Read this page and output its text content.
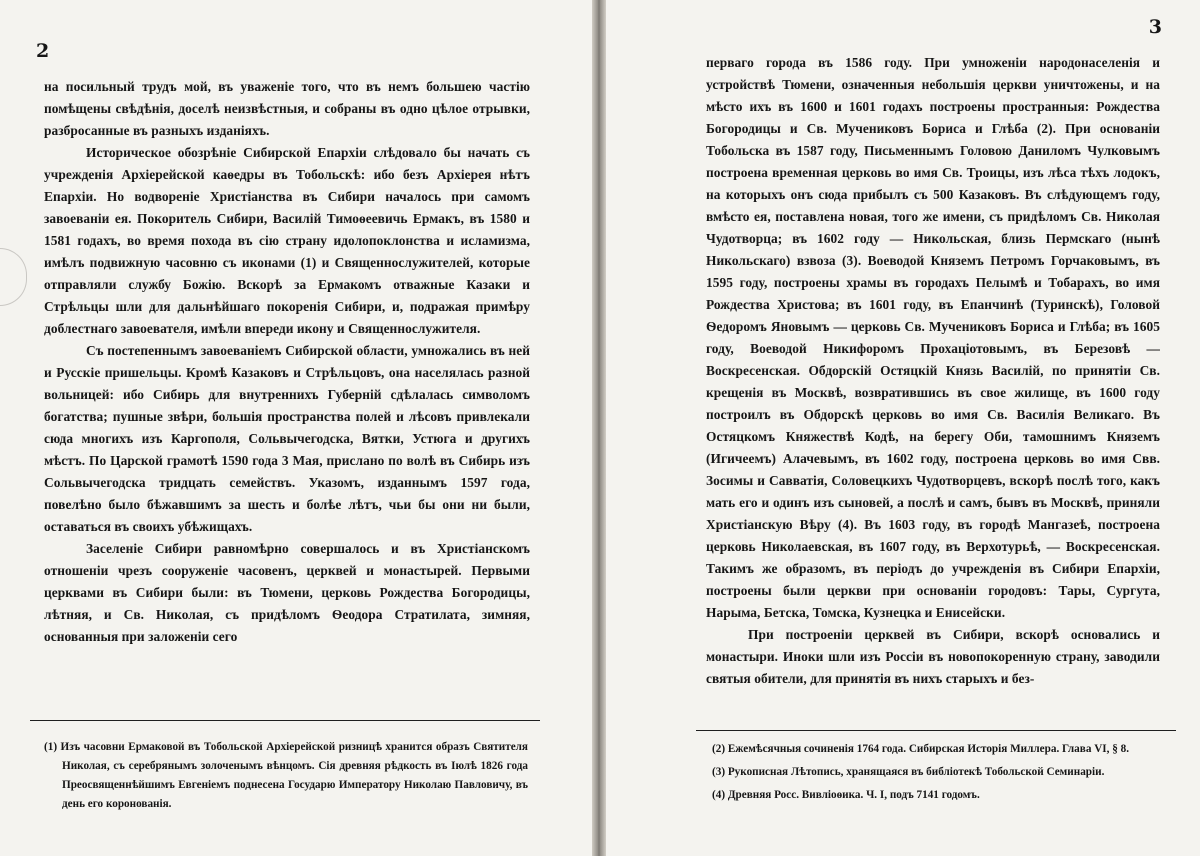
2

на посильный трудъ мой, въ уваженіе того, что въ немъ большею частію помѣщены свѣдѣнія, доселѣ неизвѣстныя, и собраны въ одно цѣлое отрывки, разбросанные въ разныхъ изданіяхъ.

Историческое обозрѣніе Сибирской Епархіи слѣдовало бы начать съ учрежденія Архіерейской каѳедры въ Тобольскѣ: ибо безъ Архіерея нѣтъ Епархіи. Но водвореніе Христіанства въ Сибири началось при самомъ завоеваніи ея. Покоритель Сибири, Василій Тимоѳеевичь Ермакъ, въ 1580 и 1581 годахъ, во время похода въ сію страну идолопоклонства и исламизма, имѣлъ подвижную часовню съ иконами (1) и Священнослужителей, которые отправляли службу Божію. Вскорѣ за Ермакомъ отважные Казаки и Стрѣльцы шли для дальнѣйшаго покоренія Сибири, и, подражая примѣру доблестнаго завоевателя, имѣли впереди икону и Священнослужителя.

Съ постепеннымъ завоеваніемъ Сибирской области, умножались въ ней и Русскіе пришельцы. Кромѣ Казаковъ и Стрѣльцовъ, она населялась разной вольницей: ибо Сибирь для внутреннихъ Губерній сдѣлалась символомъ богатства; пушные звѣри, большія пространства полей и лѣсовъ привлекали сюда многихъ изъ Каргополя, Сольвычегодска, Вятки, Устюга и другихъ мѣстъ. По Царской грамотѣ 1590 года 3 Мая, прислано по волѣ въ Сибирь изъ Сольвычегодска тридцать семействъ. Указомъ, изданнымъ 1597 года, повелѣно было бѣжавшимъ за шесть и болѣе лѣтъ, чьи бы они ни были, оставаться въ своихъ убѣжищахъ.

Заселеніе Сибири равномѣрно совершалось и въ Христіанскомъ отношеніи чрезъ сооруженіе часовенъ, церквей и монастырей. Первыми церквами въ Сибири были: въ Тюмени, церковь Рождества Богородицы, лѣтняя, и Св. Николая, съ придѣломъ Ѳеодора Стратилата, зимняя, основанныя при заложеніи сего

(1) Изъ часовни Ермаковой въ Тобольской Архіерейской ризницѣ хранится образъ Святителя Николая, съ серебрянымъ золоченымъ вѣнцомъ. Сія древняя рѣдкость въ Іюлѣ 1826 года Преосвященнѣйшимъ Евгеніемъ поднесена Государю Императору Николаю Павловичу, въ день его коронованія.

3

перваго города въ 1586 году. При умноженіи народонаселенія и устройствѣ Тюмени, означенныя небольшія церкви уничтожены, и на мѣсто ихъ въ 1600 и 1601 годахъ построены пространныя: Рождества Богородицы и Св. Мучениковъ Бориса и Глѣба (2). При основаніи Тобольска въ 1587 году, Письменнымъ Головою Даниломъ Чулковымъ построена временная церковь во имя Св. Троицы, изъ лѣса тѣхъ лодокъ, на которыхъ онъ сюда прибылъ съ 500 Казаковъ. Въ слѣдующемъ году, вмѣсто ея, поставлена новая, того же имени, съ придѣломъ Св. Николая Чудотворца; въ 1602 году — Никольская, близь Пермскаго (нынѣ Никольскаго) взвоза (3). Воеводой Княземъ Петромъ Горчаковымъ, въ 1595 году, построены храмы въ городахъ Пелымѣ и Тобарахъ, во имя Рождества Христова; въ 1601 году, въ Епанчинѣ (Туринскѣ), Головой Ѳедоромъ Яновымъ — церковь Св. Мучениковъ Бориса и Глѣба; въ 1605 году, Воеводой Никифоромъ Прохаціотовымъ, въ Березовѣ — Воскресенская. Обдорскій Остяцкій Князь Василій, по принятіи Св. крещенія въ Москвѣ, возвратившись въ свое жилище, въ 1600 году построилъ въ Обдорскѣ церковь во имя Св. Василія Великаго. Въ Остяцкомъ Княжествѣ Кодѣ, на берегу Оби, тамошнимъ Княземъ (Игичеемъ) Алачевымъ, въ 1602 году, построена церковь во имя Свв. Зосимы и Савватія, Соловецкихъ Чудотворцевъ, вскорѣ послѣ того, какъ мать его и одинъ изъ сыновей, а послѣ и самъ, бывъ въ Москвѣ, приняли Христіанскую Вѣру (4). Въ 1603 году, въ городѣ Мангазеѣ, построена церковь Николаевская, въ 1607 году, въ Верхотурьѣ, — Воскресенская. Такимъ же образомъ, въ періодъ до учрежденія въ Сибири Епархіи, построены были церкви при основаніи городовъ: Тары, Сургута, Нарыма, Бетска, Томска, Кузнецка и Енисейски.

При построеніи церквей въ Сибири, вскорѣ основались и монастыри. Иноки шли изъ Россіи въ новопокоренную страну, заводили святыя обители, для принятія въ нихъ старыхъ и без-

(2) Ежемѣсячныя сочиненія 1764 года. Сибирская Исторія Миллера. Глава VI, § 8.

(3) Рукописная Лѣтопись, хранящаяся въ библіотекѣ Тобольской Семинаріи.

(4) Древняя Росс. Вивліоѳика. Ч. I, подъ 7141 годомъ.
